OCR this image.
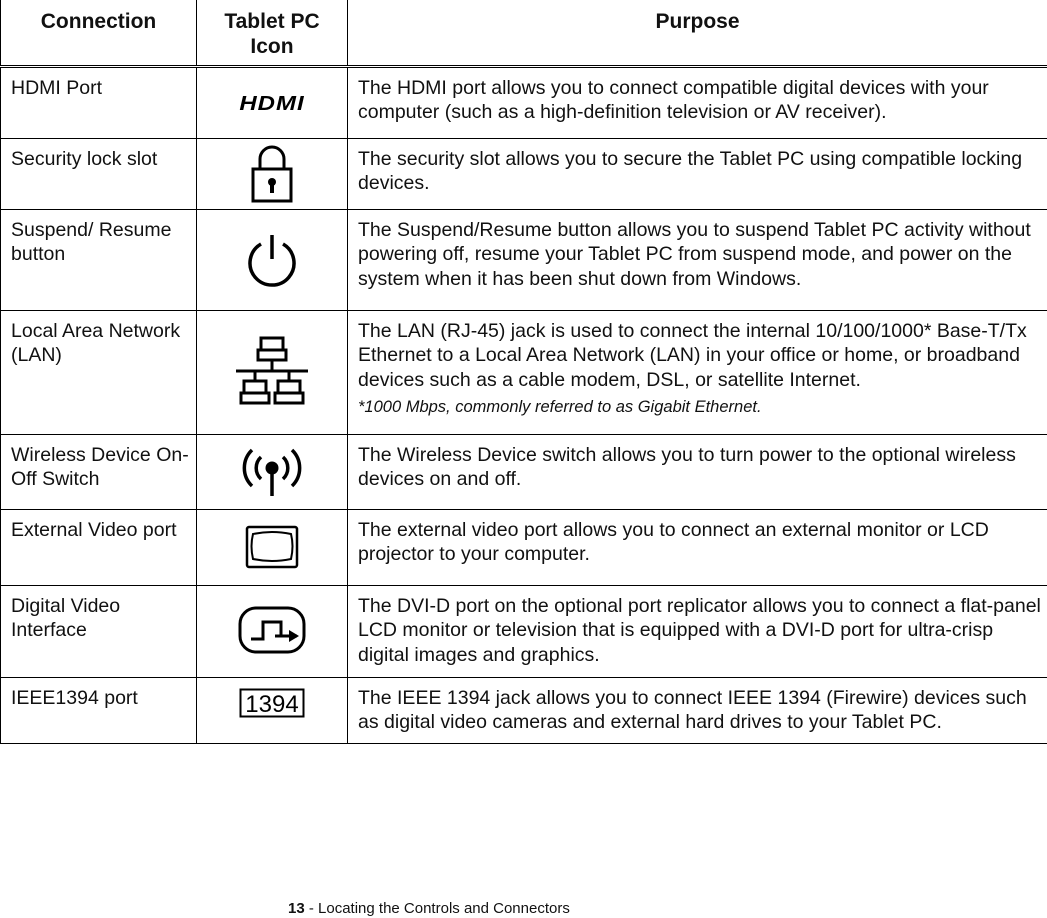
Connection	Tablet PC Icon	Purpose
HDMI Port	HDMI	The HDMI port allows you to connect compatible digital devices with your computer (such as a high-definition television or AV receiver).
Security lock slot		The security slot allows you to secure the Tablet PC using compatible locking devices.
Suspend/ Resume button		The Suspend/Resume button allows you to suspend Tablet PC activity without powering off, resume your Tablet PC from suspend mode, and power on the system when it has been shut down from Windows.
Local Area Network (LAN)		The LAN (RJ-45) jack is used to connect the internal 10/100/1000* Base-T/Tx Ethernet to a Local Area Network (LAN) in your office or home, or broadband devices such as a cable modem, DSL, or satellite Internet.
*1000 Mbps, commonly referred to as Gigabit Ethernet.

Wireless Device On-Off Switch		The Wireless Device switch allows you to turn power to the optional wireless devices on and off.
External Video port		The external video port allows you to connect an external monitor or LCD projector to your computer.
Digital Video Interface		The DVI-D port on the optional port replicator allows you to connect a flat-panel LCD monitor or television that is equipped with a DVI-D port for ultra-crisp digital images and graphics.
IEEE1394 port	1394	The IEEE 1394 jack allows you to connect IEEE 1394 (Firewire) devices such as digital video cameras and external hard drives to your Tablet PC.
13 - Locating the Controls and Connectors
